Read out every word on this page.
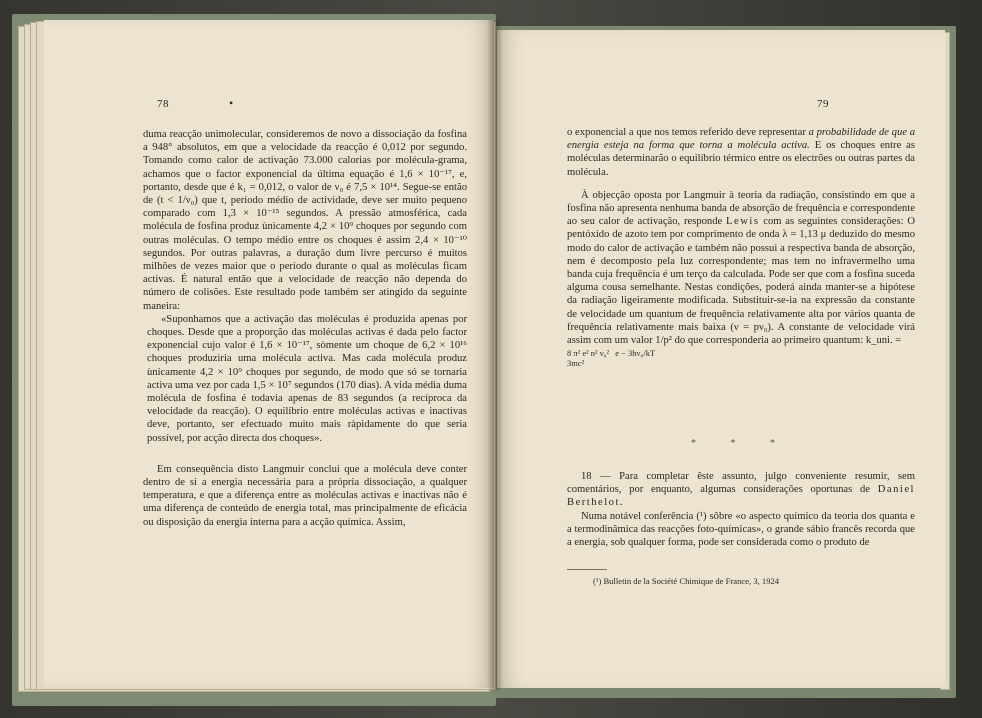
78	•

duma reacção unimolecular, consideremos de novo a dissociação da fosfina a 948° absolutos, em que a velocidade da reacção é 0,012 por segundo. Tomando como calor de activação 73.000 calorias por molécula-grama, achamos que o factor exponencial da última equação é 1,6 × 10⁻¹⁷, e, portanto, desde que é k₁ = 0,012, o valor de ν₀ é 7,5 × 10¹⁴. Segue-se então de (t < 1/ν₀) que t, período médio de actividade, deve ser muito pequeno comparado com 1,3 × 10⁻¹⁵ segundos. A pressão atmosférica, cada molécula de fosfina produz ùnicamente 4,2 × 10⁹ choques por segundo com outras moléculas. O tempo médio entre os choques é assim 2,4 × 10⁻¹⁰ segundos. Por outras palavras, a duração dum livre percurso é muitos milhões de vezes maior que o período durante o qual as moléculas ficam activas. É natural então que a velocidade de reacção não dependa do número de colisões. Este resultado pode também ser atingido da seguinte maneira:

«Suponhamos que a activação das moléculas é produzida apenas por choques. Desde que a proporção das moléculas activas é dada pelo factor exponencial cujo valor é 1,6 × 10⁻¹⁷, sòmente um choque de 6,2 × 10¹⁶ choques produziria uma molécula activa. Mas cada molécula produz ùnicamente 4,2 × 10⁹ choques por segundo, de modo que só se tornaria activa uma vez por cada 1,5 × 10⁷ segundos (170 dias). A vida média duma molécula de fosfina é todavia apenas de 83 segundos (a recíproca da velocidade da reacção). O equilíbrio entre moléculas activas e inactivas deve, portanto, ser efectuado muito mais ràpidamente do que seria possível, por acção directa dos choques».

Em consequência disto Langmuir conclui que a molécula deve conter dentro de si a energia necessária para a própria dissociação, a qualquer temperatura, e que a diferença entre as moléculas activas e inactivas não é uma diferença de conteúdo de energia total, mas principalmente de eficácia ou disposição da energia interna para a acção química. Assim,

79

o exponencial a que nos temos referido deve representar a probabilidade de que a energia esteja na forma que torna a molécula activa. E os choques entre as moléculas determinarão o equilíbrio térmico entre os electrões ou outras partes da molécula.

À objecção oposta por Langmuir à teoria da radiação, consistindo em que a fosfina não apresenta nenhuma banda de absorção de frequência e correspondente ao seu calor de activação, responde Lewis com as seguintes considerações: O pentóxido de azoto tem por comprimento de onda λ = 1,13 μ deduzido do mesmo modo do calor de activação e também não possui a respectiva banda de absorção, nem é decomposto pela luz correspondente; mas tem no infravermelho uma banda cuja frequência é um terço da calculada. Pode ser que com a fosfina suceda alguma cousa semelhante. Nestas condições, poderá ainda manter-se a hipótese da radiação ligeiramente modificada. Substituir-se-ia na expressão da constante de velocidade um quantum de frequência relativamente alta por vários quanta de frequência relativamente mais baixa (ν = pν₀). A constante de velocidade virá assim com um valor 1/p² do que corresponderia ao primeiro quantum: k_uni. =

8 π² e² n² ν₀² e − 3hν₀/kT
3mc²
* * *

18 — Para completar êste assunto, julgo conveniente resumir, sem comentários, por enquanto, algumas considerações oportunas de Daniel Berthelot.

Numa notável conferência (¹) sôbre «o aspecto químico da teoria dos quanta e a termodinâmica das reacções foto-químicas», o grande sábio francês recorda que a energia, sob qualquer forma, pode ser considerada como o produto de

(¹) Bulletin de la Société Chimique de France, 3, 1924
